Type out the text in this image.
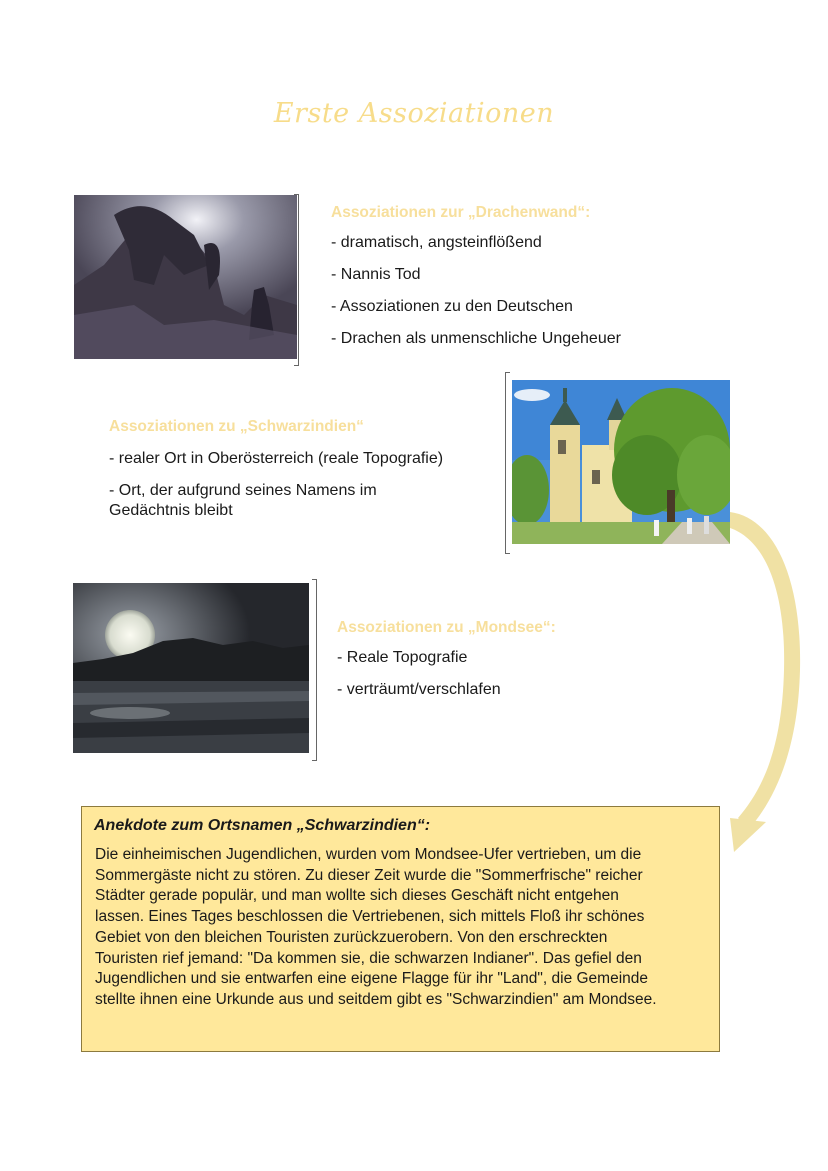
Erste Assoziationen
Assoziationen zur „Drachenwand“:
- dramatisch, angsteinflößend
- Nannis Tod
- Assoziationen zu den Deutschen
- Drachen als unmenschliche Ungeheuer
Assoziationen zu „Schwarzindien“
- realer Ort in Oberösterreich (reale Topografie)
- Ort, der aufgrund seines Namens im
Gedächtnis bleibt
Assoziationen zu „Mondsee“:
- Reale Topografie
- verträumt/verschlafen
Anekdote zum Ortsnamen „Schwarzindien“:
Die einheimischen Jugendlichen, wurden vom Mondsee-Ufer vertrieben, um die
Sommergäste nicht zu stören. Zu dieser Zeit wurde die "Sommerfrische" reicher
Städter gerade populär, und man wollte sich dieses Geschäft nicht entgehen
lassen. Eines Tages beschlossen die Vertriebenen, sich mittels Floß ihr schönes
Gebiet von den bleichen Touristen zurückzuerobern. Von den erschreckten
Touristen rief jemand: "Da kommen sie, die schwarzen Indianer". Das gefiel den
Jugendlichen und sie entwarfen eine eigene Flagge für ihr "Land", die Gemeinde
stellte ihnen eine Urkunde aus und seitdem gibt es "Schwarzindien" am Mondsee.
